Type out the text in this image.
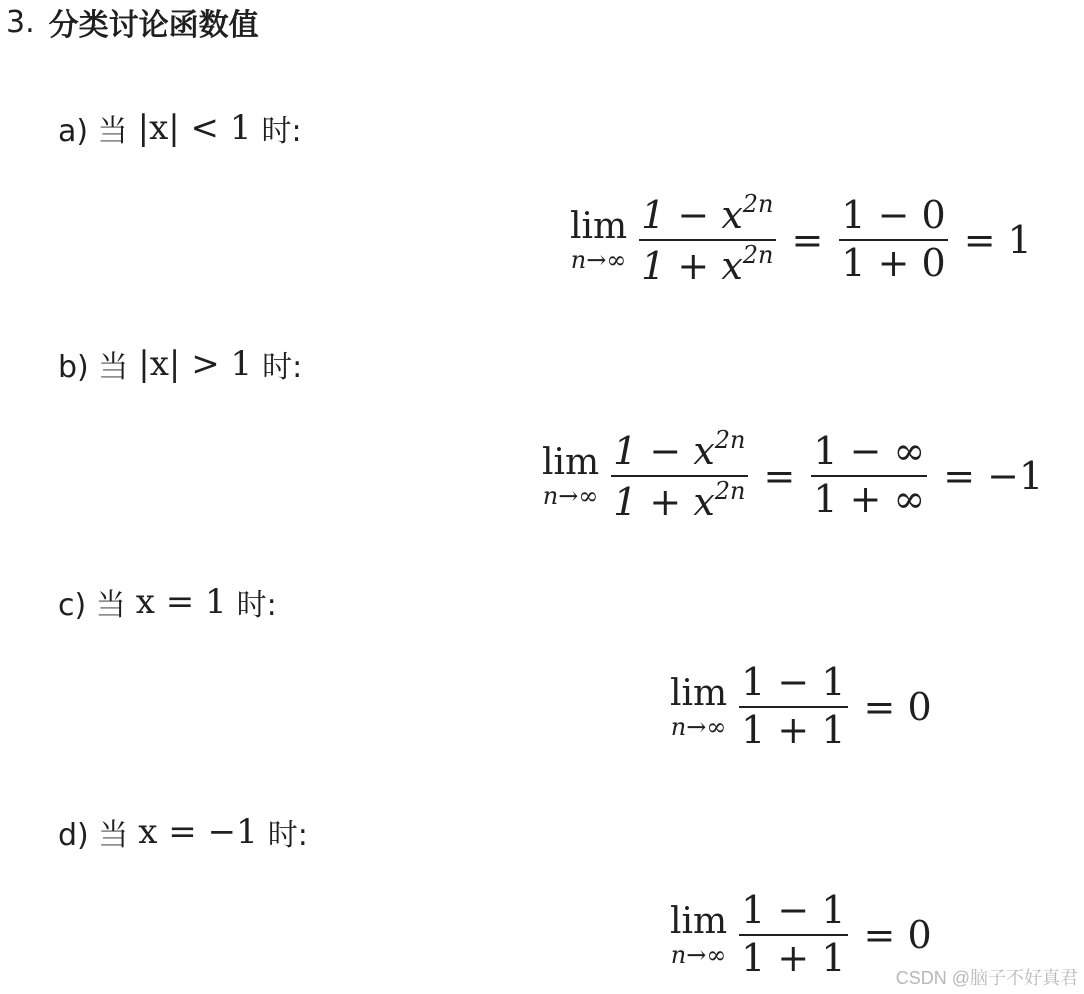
3. 分类讨论函数值
a) 当 |x| < 1 时:
lim
$n\to\infty \frac{1 - x^{2n}}{1 + x^{2n}} = \frac{1 - 0}{1 + 0} = 1$
b) 当 |x| > 1 时:
lim
$n\to\infty \frac{1 - x^{2n}}{1 + x^{2n}} = \frac{1 - \infty}{1 + \infty} = -1$
c) 当 x = 1 时:
lim
$n\to\infty \frac{1 - 1}{1 + 1} = 0$
d) 当 x = −1 时:
lim
$n\to\infty \frac{1 - 1}{1 + 1} = 0$
CSDN @脑子不好真君
